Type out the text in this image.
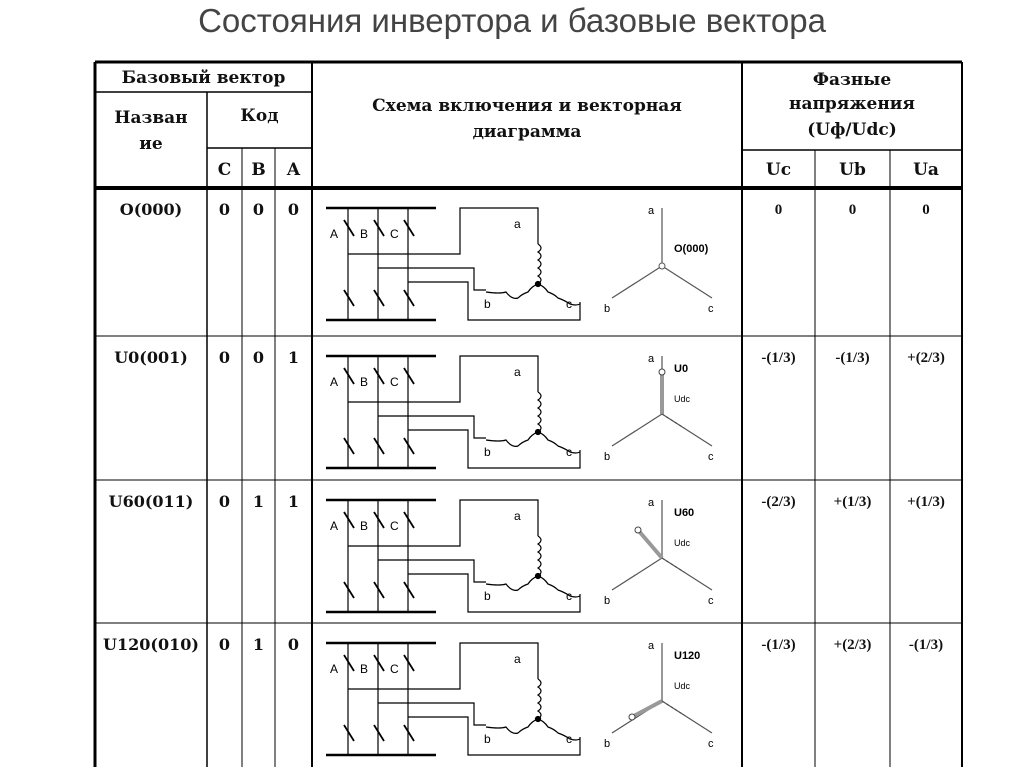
Состояния инвертора и базовые вектора
Базовый вектор
Назван
ие
Код
C	B	A
Схема включения и векторная
диаграмма
Фазные
напряжения
(Uф/Udc)
Uc	Ub	Ua
O(000)	0	0	0	0	0	0
A B C
a
b	c
a
b	c
O(000)
U0(001)	0	0	1	-(1/3)	-(1/3)	+(2/3)
A B C
a
b	c
a
b	c
U0
Udc
U60(011)	0	1	1	-(2/3)	+(1/3)	+(1/3)
A B C
a
b	c
a
b	c
U60
Udc
U120(010)	0	1	0	-(1/3)	+(2/3)	-(1/3)
A B C
a
b	c
a
b	c
U120
Udc
